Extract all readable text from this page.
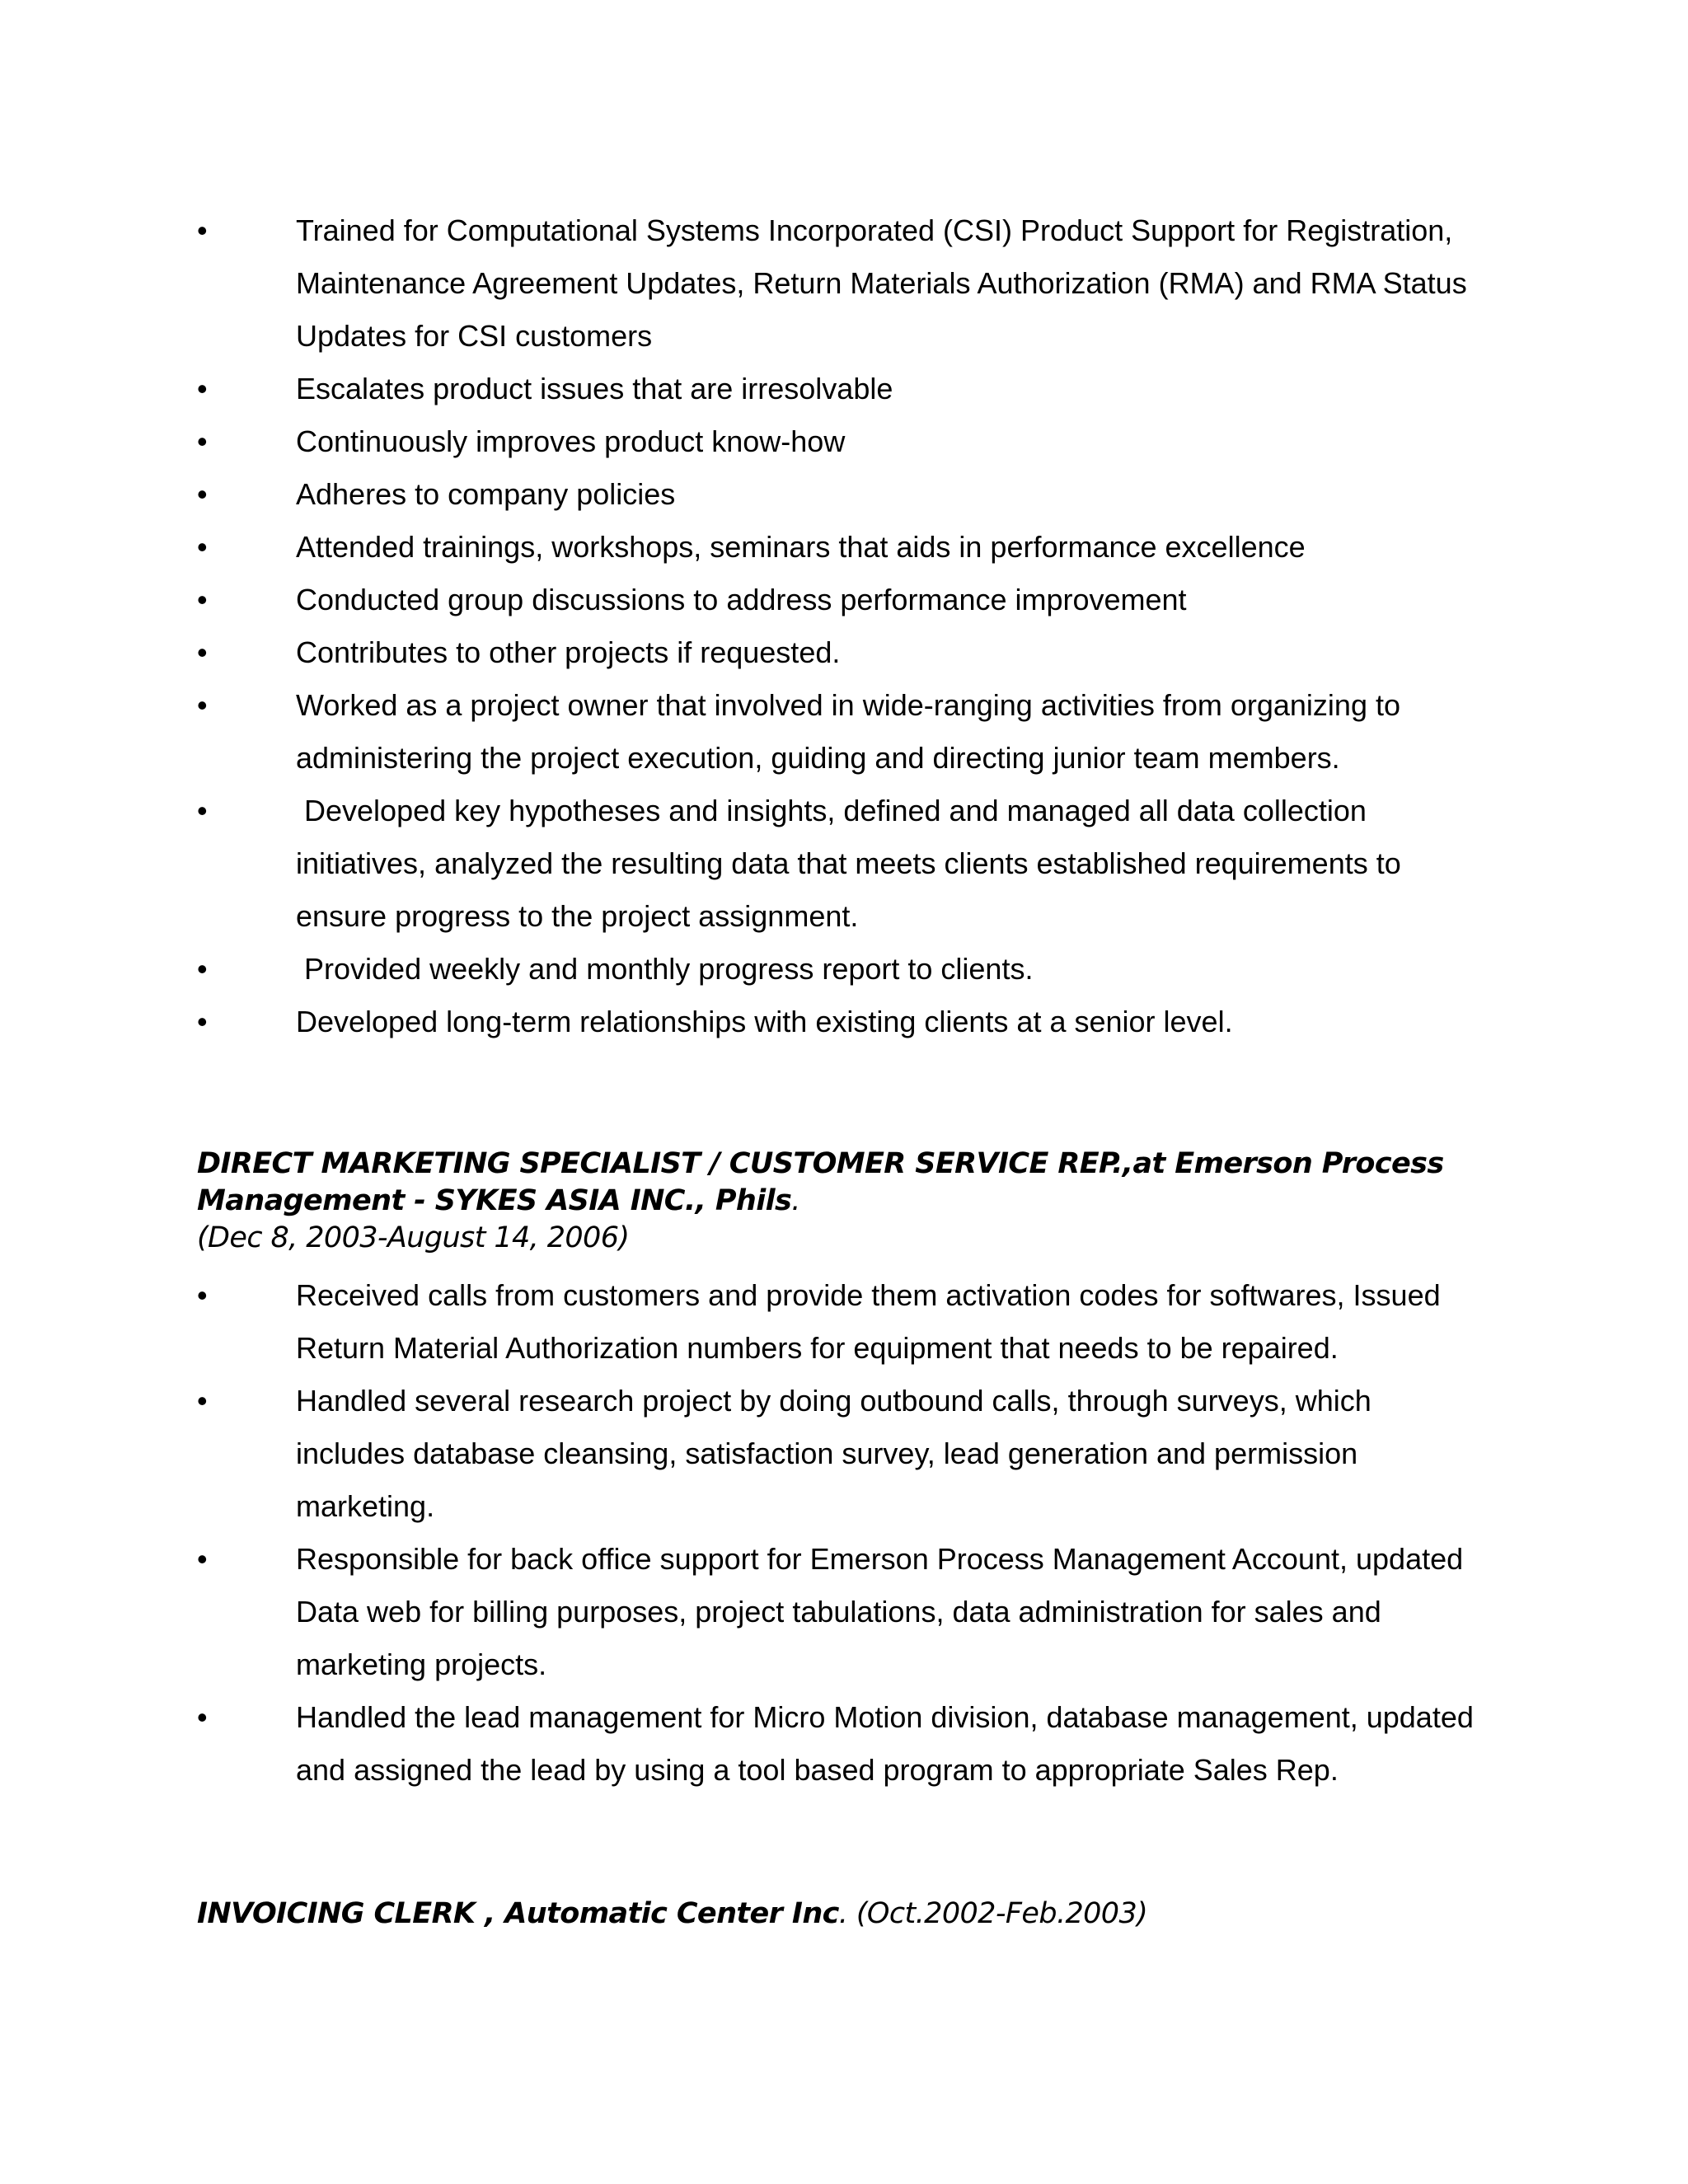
•	Trained for Computational Systems Incorporated (CSI) Product Support for Registration, Maintenance Agreement Updates, Return Materials Authorization (RMA) and RMA Status Updates for CSI customers
•	Escalates product issues that are irresolvable
•	Continuously improves product know-how
•	Adheres to company policies
•	Attended trainings, workshops, seminars that aids in performance excellence
•	Conducted group discussions to address performance improvement
•	Contributes to other projects if requested.
•	Worked as a project owner that involved in wide-ranging activities from organizing to administering the project execution, guiding and directing junior team members.
•	Developed key hypotheses and insights, defined and managed all data collection initiatives, analyzed the resulting data that meets clients established requirements to ensure progress to the project assignment.
•	Provided weekly and monthly progress report to clients.
•	Developed long-term relationships with existing clients at a senior level.

DIRECT MARKETING SPECIALIST / CUSTOMER SERVICE REP.,at Emerson Process Management - SYKES ASIA INC., Phils.

(Dec 8, 2003-August 14, 2006)

•	Received calls from customers and provide them activation codes for softwares, Issued Return Material Authorization numbers for equipment that needs to be repaired.
•	Handled several research project by doing outbound calls, through surveys, which includes database cleansing, satisfaction survey, lead generation and permission marketing.
•	Responsible for back office support for Emerson Process Management Account, updated Data web for billing purposes, project tabulations, data administration for sales and marketing projects.
•	Handled the lead management for Micro Motion division, database management, updated and assigned the lead by using a tool based program to appropriate Sales Rep.

INVOICING CLERK , Automatic Center Inc. (Oct.2002-Feb.2003)
